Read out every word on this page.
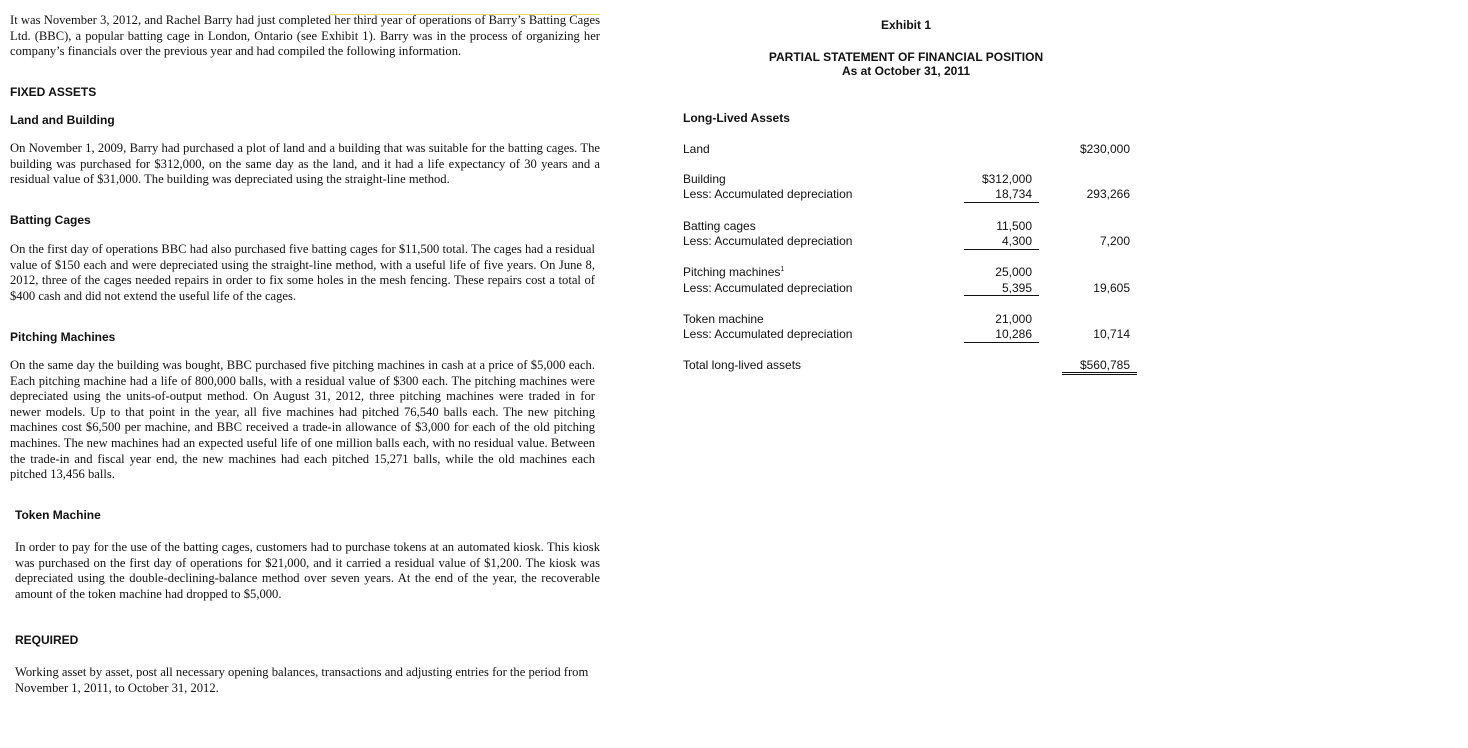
It was November 3, 2012, and Rachel Barry had just completed her third year of operations of Barry’s Batting Cages Ltd. (BBC), a popular batting cage in London, Ontario (see Exhibit 1). Barry was in the process of organizing her company’s financials over the previous year and had compiled the following information.
FIXED ASSETS
Land and Building
On November 1, 2009, Barry had purchased a plot of land and a building that was suitable for the batting cages. The building was purchased for $312,000, on the same day as the land, and it had a life expectancy of 30 years and a residual value of $31,000. The building was depreciated using the straight-line method.
Batting Cages
On the first day of operations BBC had also purchased five batting cages for $11,500 total. The cages had a residual value of $150 each and were depreciated using the straight-line method, with a useful life of five years. On June 8, 2012, three of the cages needed repairs in order to fix some holes in the mesh fencing. These repairs cost a total of $400 cash and did not extend the useful life of the cages.
Pitching Machines
On the same day the building was bought, BBC purchased five pitching machines in cash at a price of $5,000 each. Each pitching machine had a life of 800,000 balls, with a residual value of $300 each. The pitching machines were depreciated using the units-of-output method. On August 31, 2012, three pitching machines were traded in for newer models. Up to that point in the year, all five machines had pitched 76,540 balls each. The new pitching machines cost $6,500 per machine, and BBC received a trade-in allowance of $3,000 for each of the old pitching machines. The new machines had an expected useful life of one million balls each, with no residual value. Between the trade-in and fiscal year end, the new machines had each pitched 15,271 balls, while the old machines each pitched 13,456 balls.
Token Machine
In order to pay for the use of the batting cages, customers had to purchase tokens at an automated kiosk. This kiosk was purchased on the first day of operations for $21,000, and it carried a residual value of $1,200. The kiosk was depreciated using the double-declining-balance method over seven years. At the end of the year, the recoverable amount of the token machine had dropped to $5,000.
REQUIRED
Working asset by asset, post all necessary opening balances, transactions and adjusting entries for the period from November 1, 2011, to October 31, 2012.
Exhibit 1
PARTIAL STATEMENT OF FINANCIAL POSITION
As at October 31, 2011
Long-Lived Assets
Land	$230,000
Building	$312,000
Less: Accumulated depreciation	18,734	293,266
Batting cages	11,500
Less: Accumulated depreciation	4,300	7,200
Pitching machines$^1$	25,000
Less: Accumulated depreciation	5,395	19,605
Token machine	21,000
Less: Accumulated depreciation	10,286	10,714
Total long-lived assets	$560,785
